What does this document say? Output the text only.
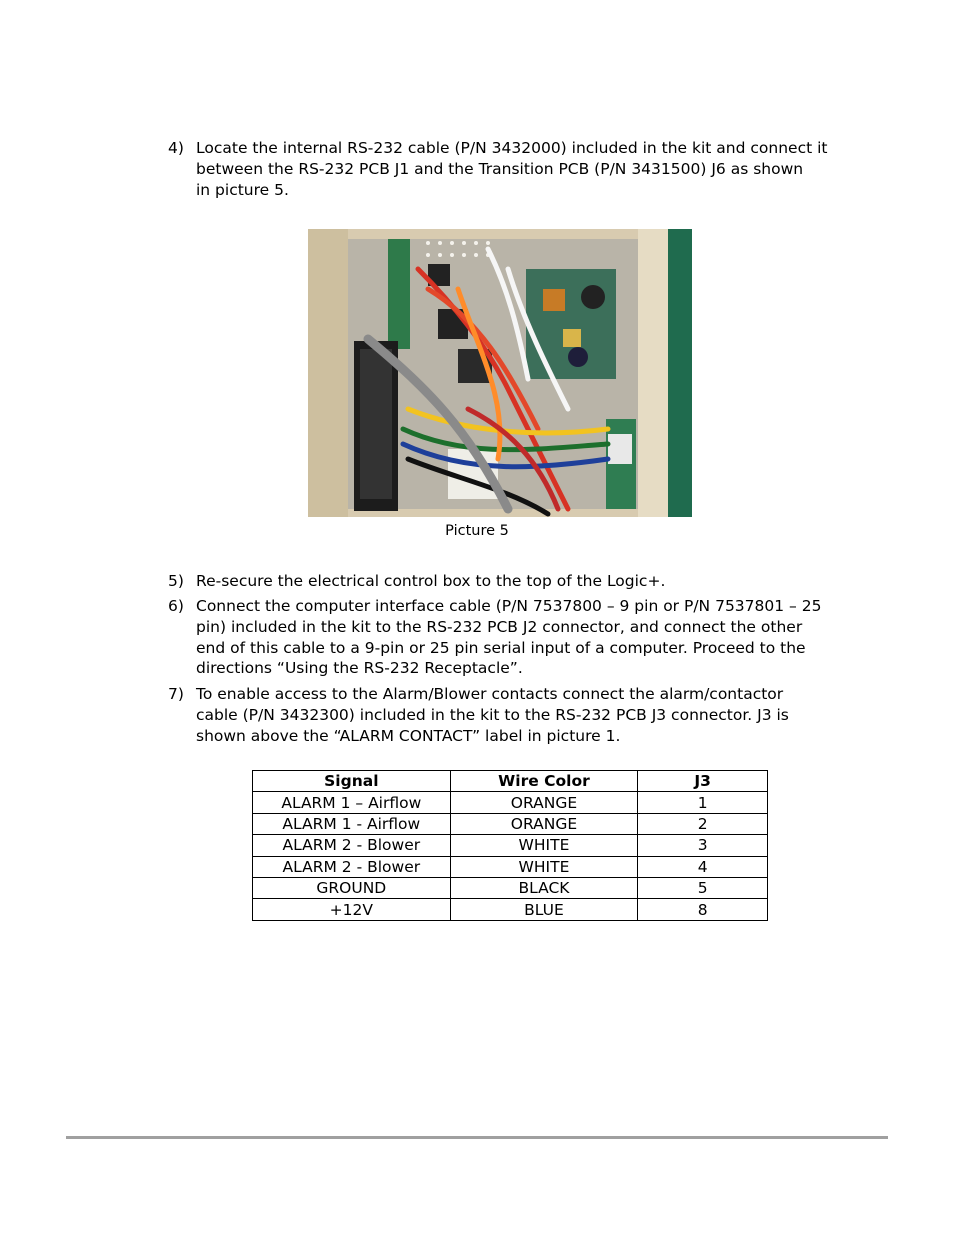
4) Locate the internal RS-232 cable (P/N 3432000) included in the kit and connect it
between the RS-232 PCB J1 and the Transition PCB (P/N 3431500) J6 as shown
in picture 5.
Picture 5
5) Re-secure the electrical control box to the top of the Logic+.
6) Connect the computer interface cable (P/N 7537800 – 9 pin or P/N 7537801 – 25
pin) included in the kit to the RS-232 PCB J2 connector, and connect the other
end of this cable to a 9-pin or 25 pin serial input of a computer. Proceed to the
directions “Using the RS-232 Receptacle”.
7) To enable access to the Alarm/Blower contacts connect the alarm/contactor
cable (P/N 3432300) included in the kit to the RS-232 PCB J3 connector. J3 is
shown above the “ALARM CONTACT” label in picture 1.
Signal	Wire Color	J3
ALARM 1 – Airflow	ORANGE	1
ALARM 1 - Airflow	ORANGE	2
ALARM 2 - Blower	WHITE	3
ALARM 2 - Blower	WHITE	4
GROUND	BLACK	5
+12V	BLUE	8
